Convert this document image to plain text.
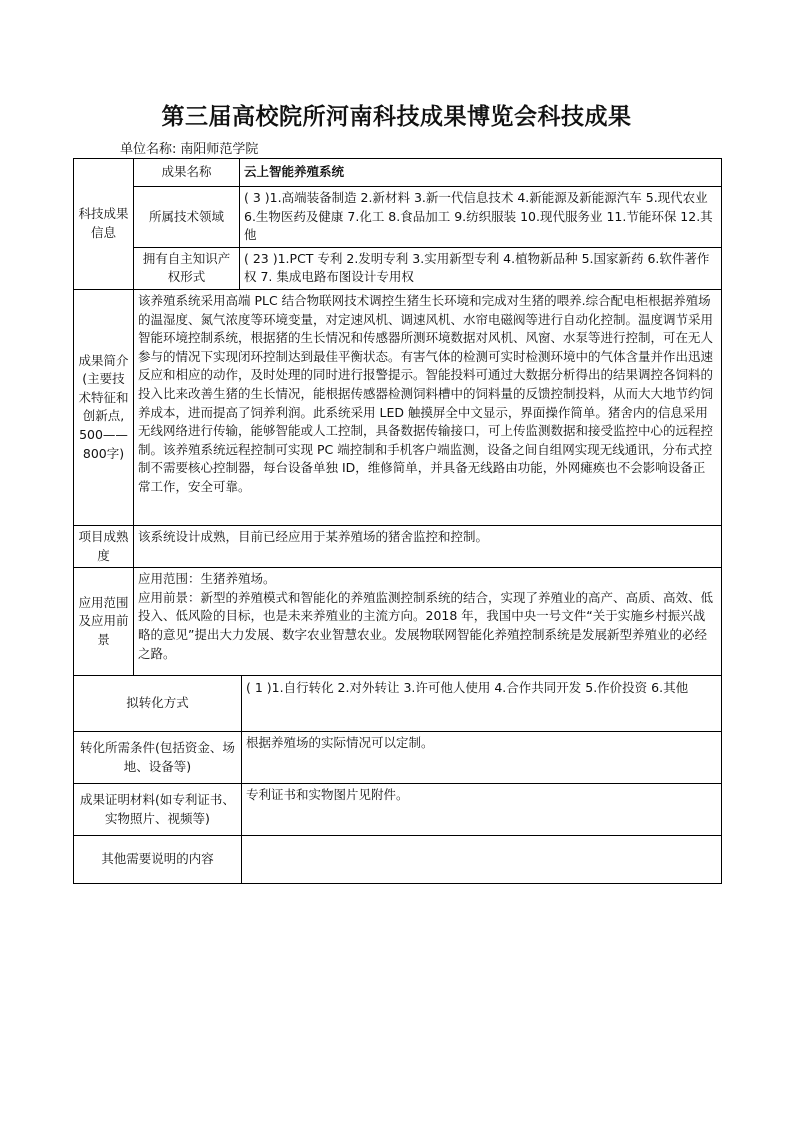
第三届高校院所河南科技成果博览会科技成果
单位名称: 南阳师范学院
科技成果信息	成果名称	云上智能养殖系统	
	所属技术领域	( 3 )1.高端装备制造 2.新材料 3.新一代信息技术 4.新能源及新能源汽车 5.现代农业 6.生物医药及健康 7.化工 8.食品加工 9.纺织服装 10.现代服务业 11.节能环保 12.其他	
	拥有自主知识产权形式	( 23 )1.PCT 专利 2.发明专利 3.实用新型专利 4.植物新品种 5.国家新药 6.软件著作权 7. 集成电路布图设计专用权	
成果简介(主要技术特征和创新点, 500——800字)	该养殖系统采用高端 PLC 结合物联网技术调控生猪生长环境和完成对生猪的喂养.综合配电柜根据养殖场的温湿度、氮气浓度等环境变量，对定速风机、调速风机、水帘电磁阀等进行自动化控制。温度调节采用智能环境控制系统，根据猪的生长情况和传感器所测环境数据对风机、风窗、水泵等进行控制，可在无人参与的情况下实现闭环控制达到最佳平衡状态。有害气体的检测可实时检测环境中的气体含量并作出迅速反应和相应的动作，及时处理的同时进行报警提示。智能投料可通过大数据分析得出的结果调控各饲料的投入比来改善生猪的生长情况，能根据传感器检测饲料槽中的饲料量的反馈控制投料，从而大大地节约饲养成本，进而提高了饲养利润。此系统采用 LED 触摸屏全中文显示，界面操作简单。猪舍内的信息采用无线网络进行传输，能够智能或人工控制，具备数据传输接口，可上传监测数据和接受监控中心的远程控制。该养殖系统远程控制可实现 PC 端控制和手机客户端监测，设备之间自组网实现无线通讯，分布式控制不需要核心控制器，每台设备单独 ID，维修简单，并具备无线路由功能，外网瘫痪也不会影响设备正常工作，安全可靠。		
项目成熟度	该系统设计成熟，目前已经应用于某养殖场的猪舍监控和控制。		
应用范围及应用前景	应用范围：生猪养殖场。
应用前景：新型的养殖模式和智能化的养殖监测控制系统的结合，实现了养殖业的高产、高质、高效、低投入、低风险的目标，也是未来养殖业的主流方向。2018 年，我国中央一号文件“关于实施乡村振兴战略的意见”提出大力发展、数字农业智慧农业。发展物联网智能化养殖控制系统是发展新型养殖业的必经之路。		

拟转化方式			( 1 )1.自行转化 2.对外转让 3.许可他人使用 4.合作共同开发 5.作价投资 6.其他
转化所需条件(包括资金、场地、设备等)			根据养殖场的实际情况可以定制。
成果证明材料(如专利证书、实物照片、视频等)			专利证书和实物图片见附件。
其他需要说明的内容			
